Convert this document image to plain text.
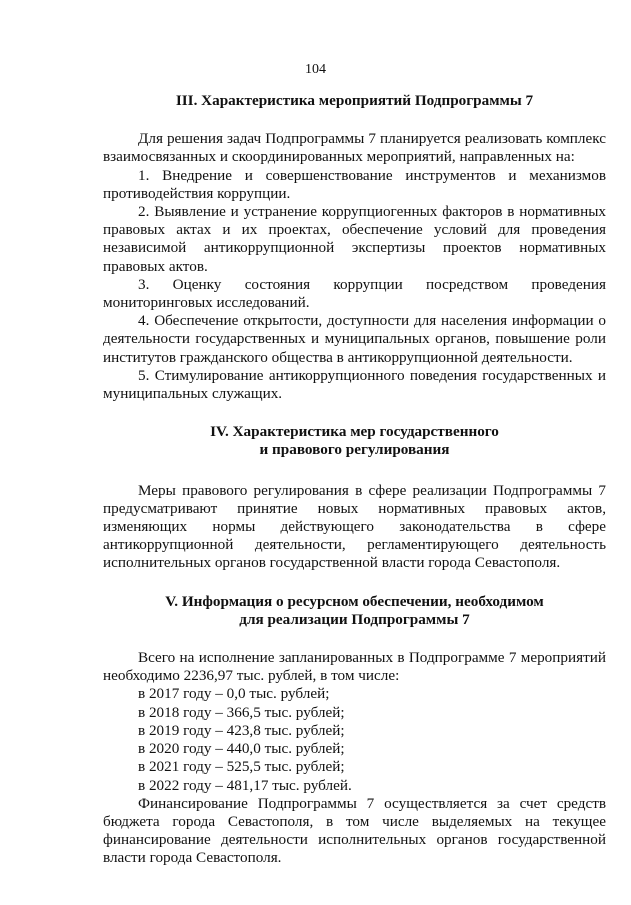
104

III. Характеристика мероприятий Подпрограммы 7

Для решения задач Подпрограммы 7 планируется реализовать комплекс взаимосвязанных и скоординированных мероприятий, направленных на:

1. Внедрение и совершенствование инструментов и механизмов противодействия коррупции.

2. Выявление и устранение коррупциогенных факторов в нормативных правовых актах и их проектах, обеспечение условий для проведения независимой антикоррупционной экспертизы проектов нормативных правовых актов.

3. Оценку состояния коррупции посредством проведения мониторинговых исследований.

4. Обеспечение открытости, доступности для населения информации о деятельности государственных и муниципальных органов, повышение роли институтов гражданского общества в антикоррупционной деятельности.

5. Стимулирование антикоррупционного поведения государственных и муниципальных служащих.

IV. Характеристика мер государственного

и правового регулирования

Меры правового регулирования в сфере реализации Подпрограммы 7 предусматривают принятие новых нормативных правовых актов, изменяющих нормы действующего законодательства в сфере антикоррупционной деятельности, регламентирующего деятельность исполнительных органов государственной власти города Севастополя.

V. Информация о ресурсном обеспечении, необходимом

для реализации Подпрограммы 7

Всего на исполнение запланированных в Подпрограмме 7 мероприятий необходимо 2236,97 тыс. рублей, в том числе:

в 2017 году – 0,0 тыс. рублей;

в 2018 году – 366,5 тыс. рублей;

в 2019 году – 423,8 тыс. рублей;

в 2020 году – 440,0 тыс. рублей;

в 2021 году – 525,5 тыс. рублей;

в 2022 году – 481,17 тыс. рублей.

Финансирование Подпрограммы 7 осуществляется за счет средств бюджета города Севастополя, в том числе выделяемых на текущее финансирование деятельности исполнительных органов государственной власти города Севастополя.
